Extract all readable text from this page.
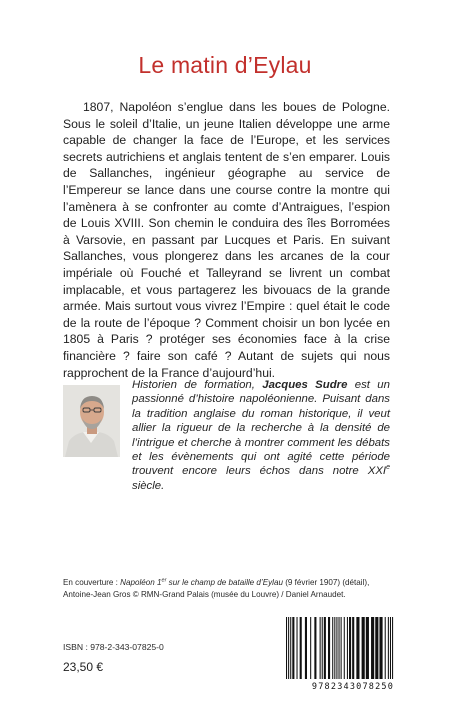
Le matin d’Eylau
1807, Napoléon s’englue dans les boues de Pologne. Sous le soleil d’Italie, un jeune Italien développe une arme capable de changer la face de l’Europe, et les services secrets autrichiens et anglais tentent de s’en emparer. Louis de Sallanches, ingénieur géographe au service de l’Empereur se lance dans une course contre la montre qui l’amènera à se confronter au comte d’Antraigues, l’espion de Louis XVIII. Son chemin le conduira des îles Borromées à Varsovie, en passant par Lucques et Paris. En suivant Sallanches, vous plongerez dans les arcanes de la cour impériale où Fouché et Talleyrand se livrent un combat implacable, et vous partagerez les bivouacs de la grande armée. Mais surtout vous vivrez l’Empire : quel était le code de la route de l’époque ? Comment choisir un bon lycée en 1805 à Paris ? protéger ses économies face à la crise financière ? faire son café ? Autant de sujets qui nous rapprochent de la France d’aujourd’hui.
Historien de formation, Jacques Sudre est un passionné d’histoire napoléonienne. Puisant dans la tradition anglaise du roman historique, il veut allier la rigueur de la recherche à la densité de l’intrigue et cherche à montrer comment les débats et les évènements qui ont agité cette période trouvent encore leurs échos dans notre XXIe siècle.
En couverture : Napoléon 1er sur le champ de bataille d’Eylau (9 février 1907) (détail),
Antoine-Jean Gros © RMN-Grand Palais (musée du Louvre) / Daniel Arnaudet.
ISBN : 978-2-343-07825-0
23,50 €
9782343078250
